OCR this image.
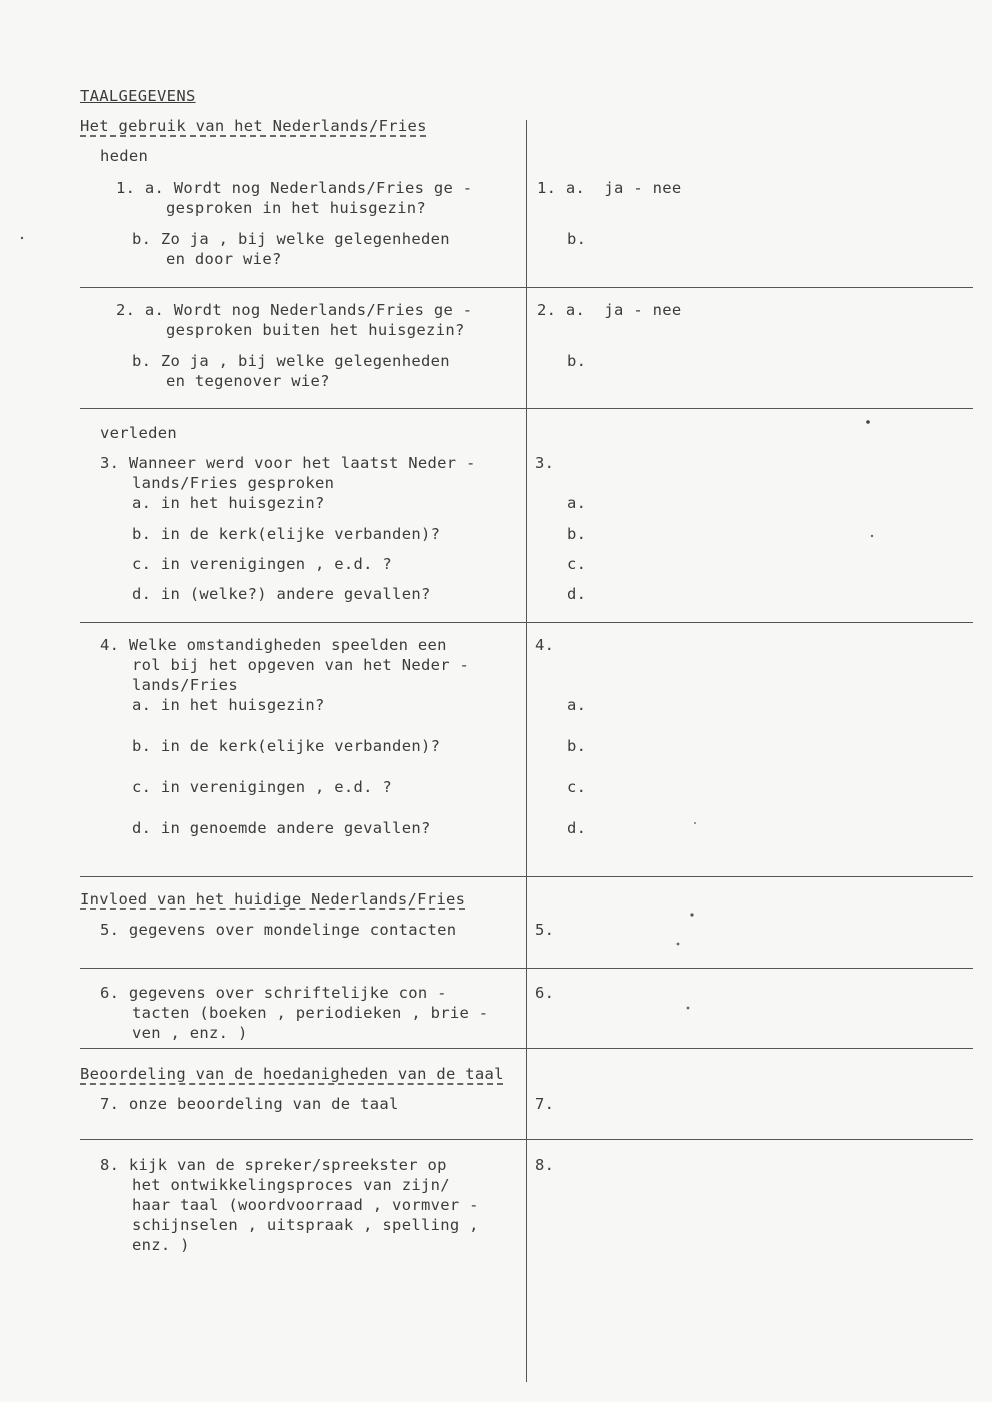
TAALGEGEVENS
Het gebruik van het Nederlands/Fries
heden
1. a. Wordt nog Nederlands/Fries ge -
gesproken in het huisgezin?
b. Zo ja , bij welke gelegenheden
en door wie?
1. a.  ja - nee
b.
2. a. Wordt nog Nederlands/Fries ge -
gesproken buiten het huisgezin?
b. Zo ja , bij welke gelegenheden
en tegenover wie?
2. a.  ja - nee
b.
verleden
3. Wanneer werd voor het laatst Neder -
lands/Fries gesproken
a. in het huisgezin?
b. in de kerk(elijke verbanden)?
c. in verenigingen , e.d. ?
d. in (welke?) andere gevallen?
3.
a.
b.
c.
d.
4. Welke omstandigheden speelden een
rol bij het opgeven van het Neder -
lands/Fries
a. in het huisgezin?
b. in de kerk(elijke verbanden)?
c. in verenigingen , e.d. ?
d. in genoemde andere gevallen?
4.
a.
b.
c.
d.
Invloed van het huidige Nederlands/Fries
5. gegevens over mondelinge contacten	5.
6. gegevens over schriftelijke con -
tacten (boeken , periodieken , brie -
ven , enz. )
6.
Beoordeling van de hoedanigheden van de taal
7. onze beoordeling van de taal	7.
8. kijk van de spreker/spreekster op
het ontwikkelingsproces van zijn/
haar taal (woordvoorraad , vormver -
schijnselen , uitspraak , spelling ,
enz. )
8.
